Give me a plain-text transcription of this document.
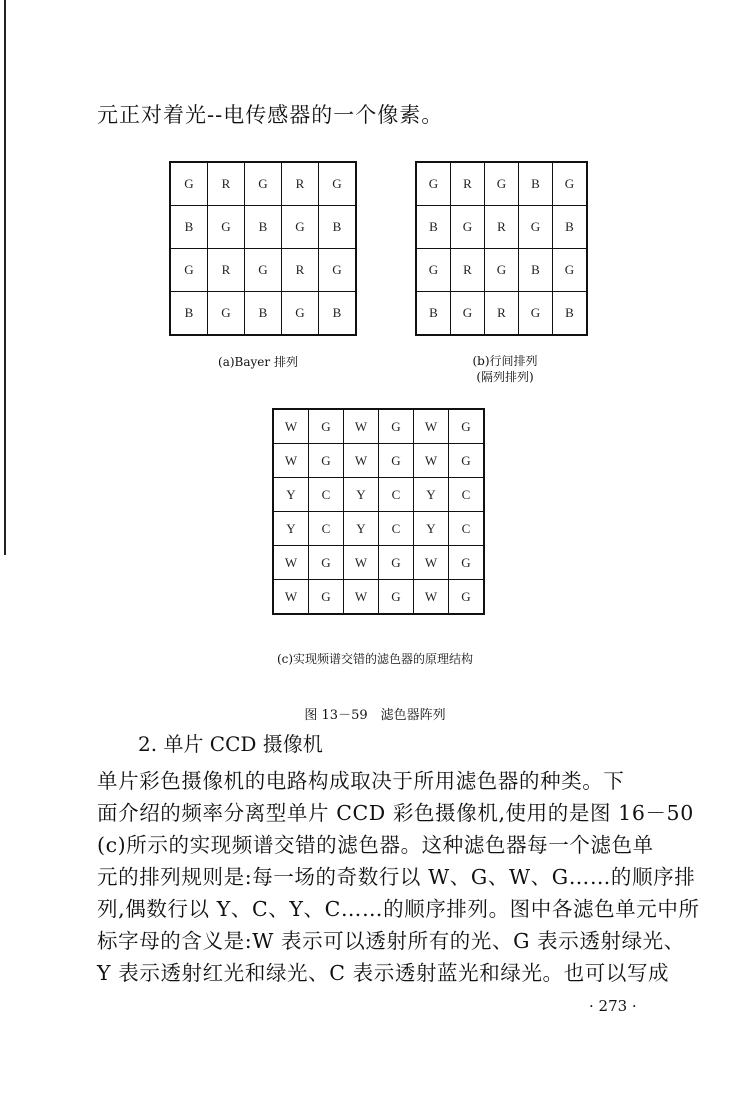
元正对着光--电传感器的一个像素。
G	R	G	R	G
B	G	B	G	B
G	R	G	R	G
B	G	B	G	B
(a)Bayer 排列
G	R	G	B	G
B	G	R	G	B
G	R	G	B	G
B	G	R	G	B
(b)行间排列
(隔列排列)
W	G	W	G	W	G
W	G	W	G	W	G
Y	C	Y	C	Y	C
Y	C	Y	C	Y	C
W	G	W	G	W	G
W	G	W	G	W	G
(c)实现频谱交错的滤色器的原理结构
图 13－59　滤色器阵列
2. 单片 CCD 摄像机
单片彩色摄像机的电路构成取决于所用滤色器的种类。下
面介绍的频率分离型单片 CCD 彩色摄像机,使用的是图 16－50
(c)所示的实现频谱交错的滤色器。这种滤色器每一个滤色单
元的排列规则是:每一场的奇数行以 W、G、W、G……的顺序排
列,偶数行以 Y、C、Y、C……的顺序排列。图中各滤色单元中所
标字母的含义是:W 表示可以透射所有的光、G 表示透射绿光、
Y 表示透射红光和绿光、C 表示透射蓝光和绿光。也可以写成
· 273 ·
